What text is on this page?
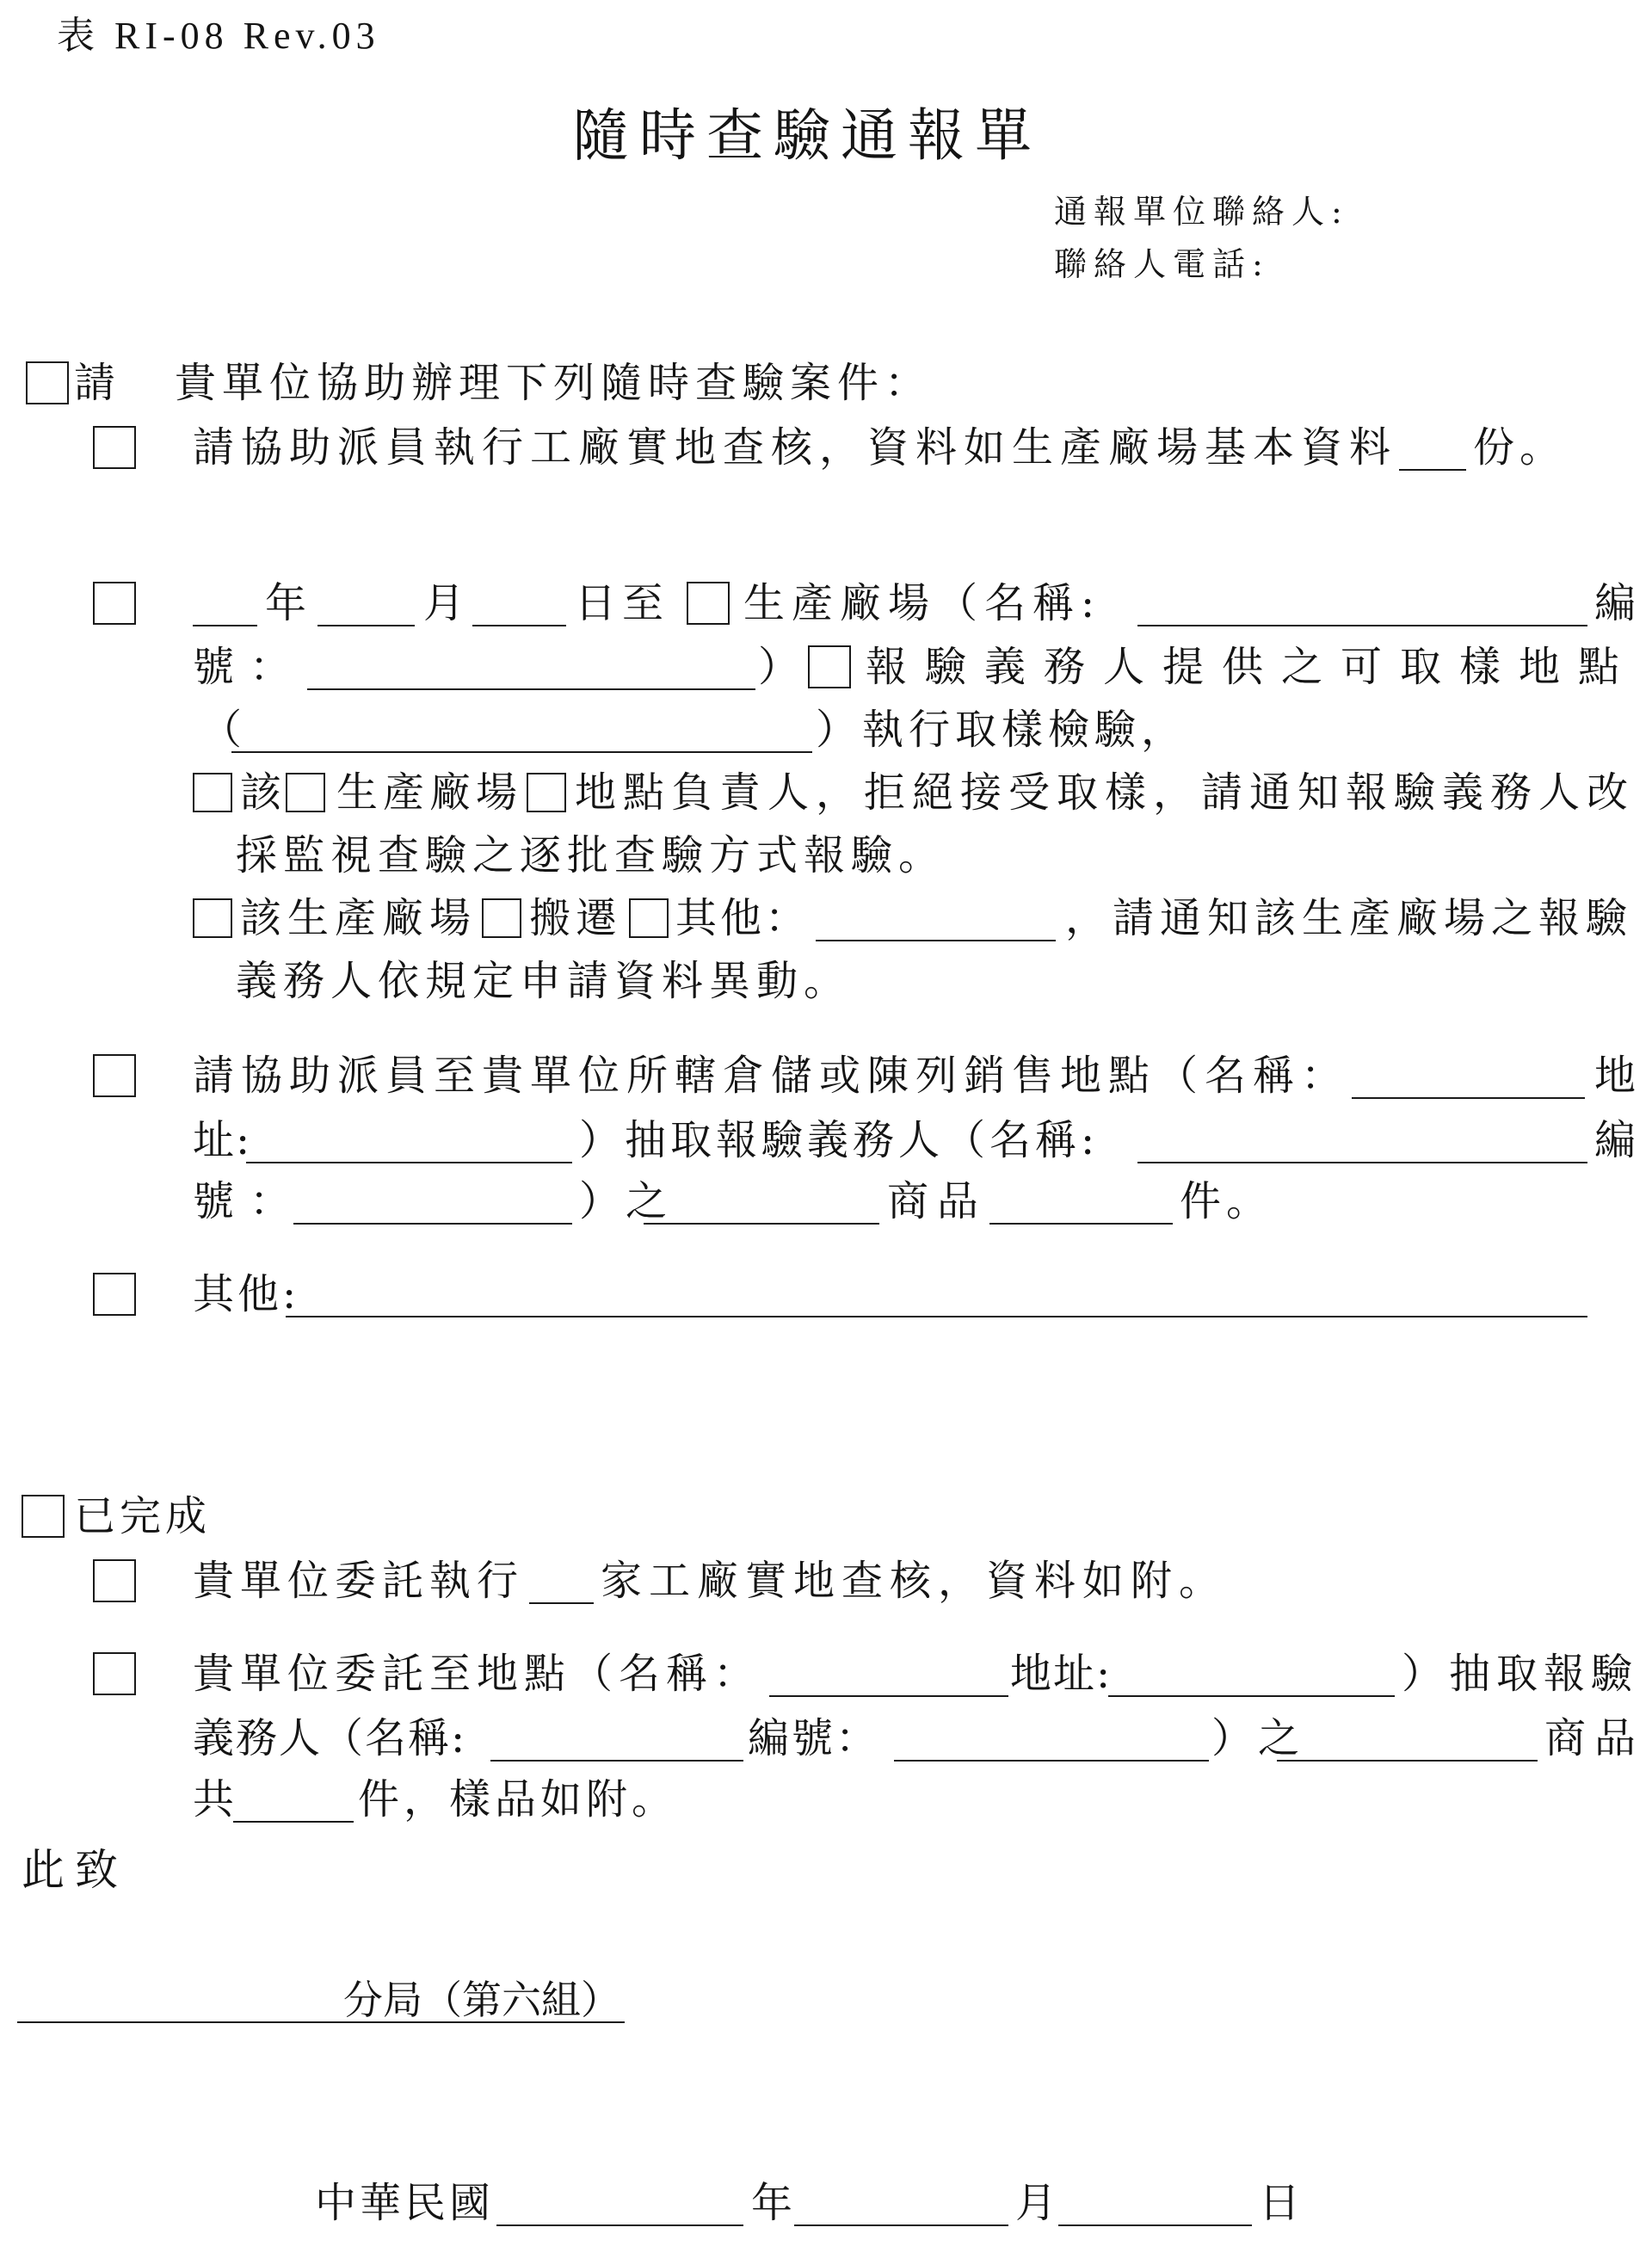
表 RI-08 Rev.03
隨時查驗通報單
通報單位聯絡人:
聯絡人電話:
請 貴單位協助辦理下列隨時查驗案件：
請協助派員執行工廠實地查核，資料如生產廠場基本資料 份。
年	月	日至 生產廠場（名稱:	編
號：	） 報驗義務人提供之可取樣地點
（	）執行取樣檢驗，
該 生產廠場 地點負責人，拒絕接受取樣，請通知報驗義務人改
採監視查驗之逐批查驗方式報驗。
該生產廠場 搬遷 其他：	，請通知該生產廠場之報驗
義務人依規定申請資料異動。
請協助派員至貴單位所轄倉儲或陳列銷售地點（名稱：	地
址:	）抽取報驗義務人（名稱:	編
號：	）之	商品	件。
其他:
已完成
貴單位委託執行 家工廠實地查核，資料如附。
貴單位委託至地點（名稱：	地址:	）抽取報驗
義務人（名稱:	編號：	）之	商品
共	件，樣品如附。
此致
分局（第六組）
中華民國	年	月	日
